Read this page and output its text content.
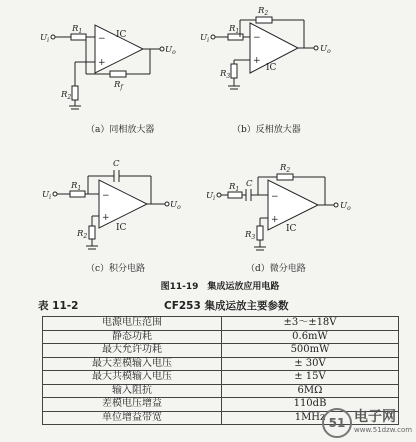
$U_i$
$R_1$
$R_2$
$R_f$
$U_o$
−
+
IC
（a）同相放大器
$U_i$
$R_1$
$R_2$
$R_3$
$U_o$
−
+
IC
（b）反相放大器
$U_i$
$R_1$
$R_2$
C
$U_o$
−
+
IC
（c）积分电路
$U_i$
$R_1$
$R_2$
$R_3$
C
$U_o$
−
+
IC
（d）微分电路
图11-19　集成运放应用电路
表 11-2	CF253 集成运放主要参数
电源电压范围	±3～±18V
静态功耗	0.6mW
最大允许功耗	500mW
最大差模输入电压	± 30V
最大共模输入电压	± 15V
输入阻抗	6MΩ
差模电压增益	110dB
单位增益带宽	1MHz 51 电子网
www.51dzw.com
